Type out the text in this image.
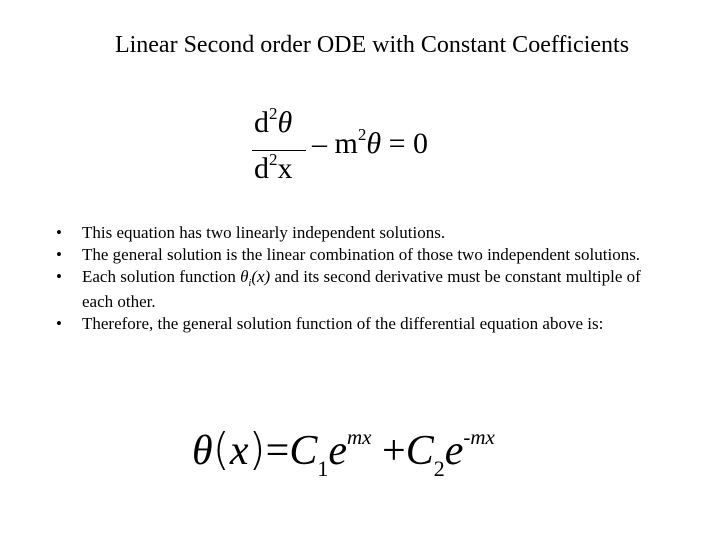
Linear Second order ODE with Constant Coefficients
$d^2\theta$
$d^2x$
– $m^2\theta = 0$
• This equation has two linearly independent solutions.
• The general solution is the linear combination of those two independent solutions.
• Each solution function $\theta_i(x)$ and its second derivative must be constant multiple of each other.
• Therefore, the general solution function of the differential equation above is:
$\theta(x)=C_1e^{mx} +C_2e^{-mx}$
